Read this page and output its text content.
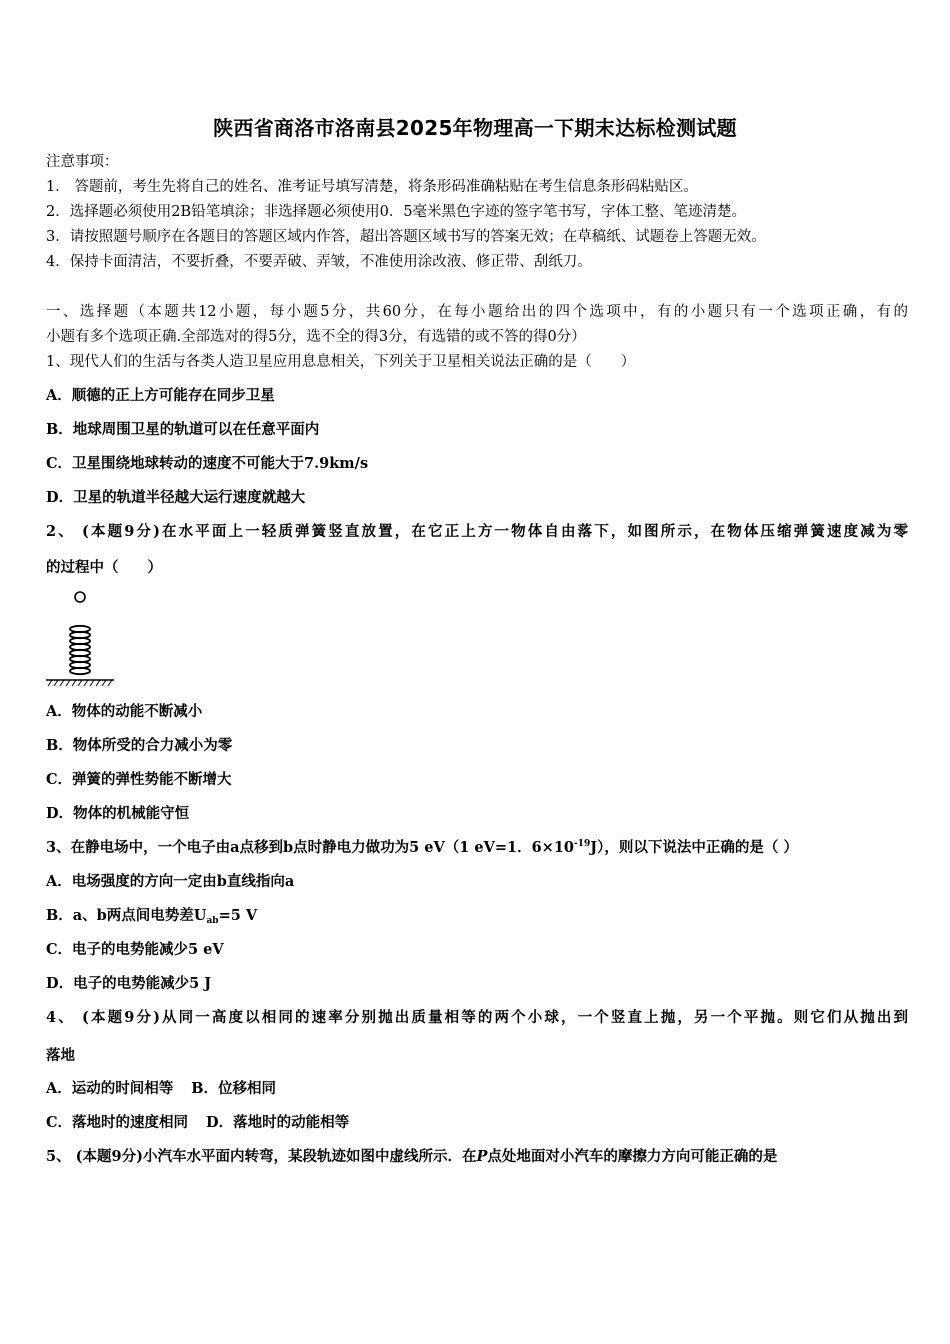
陕西省商洛市洛南县2025年物理高一下期末达标检测试题
注意事项：
1． 答题前，考生先将自己的姓名、准考证号填写清楚，将条形码准确粘贴在考生信息条形码粘贴区。
2．选择题必须使用2B铅笔填涂；非选择题必须使用0．5毫米黑色字迹的签字笔书写，字体工整、笔迹清楚。
3．请按照题号顺序在各题目的答题区域内作答，超出答题区域书写的答案无效；在草稿纸、试题卷上答题无效。
4．保持卡面清洁，不要折叠，不要弄破、弄皱，不准使用涂改液、修正带、刮纸刀。
一、选择题（本题共12小题，每小题5分，共60分，在每小题给出的四个选项中，有的小题只有一个选项正确，有的
小题有多个选项正确.全部选对的得5分，选不全的得3分，有选错的或不答的得0分）
1、现代人们的生活与各类人造卫星应用息息相关，下列关于卫星相关说法正确的是（　　）
A．顺德的正上方可能存在同步卫星
B．地球周围卫星的轨道可以在任意平面内
C．卫星围绕地球转动的速度不可能大于7.9km/s
D．卫星的轨道半径越大运行速度就越大
2、 (本题9分)在水平面上一轻质弹簧竖直放置，在它正上方一物体自由落下，如图所示，在物体压缩弹簧速度减为零
的过程中（　　）
A．物体的动能不断减小
B．物体所受的合力减小为零
C．弹簧的弹性势能不断增大
D．物体的机械能守恒
3、在静电场中，一个电子由a点移到b点时静电力做功为5 eV（1 eV=1．$6\times 10^{-19}J$），则以下说法中正确的是（ ）
A．电场强度的方向一定由b直线指向a
B．a、b两点间电势差$U_{ab}=5$ V
C．电子的电势能减少5 eV
D．电子的电势能减少5 J
4、 (本题9分)从同一高度以相同的速率分别抛出质量相等的两个小球，一个竖直上抛，另一个平抛。则它们从抛出到
落地
A．运动的时间相等 B．位移相同
C．落地时的速度相同 D．落地时的动能相等
5、 (本题9分)小汽车水平面内转弯，某段轨迹如图中虚线所示．在P点处地面对小汽车的摩擦力方向可能正确的是
